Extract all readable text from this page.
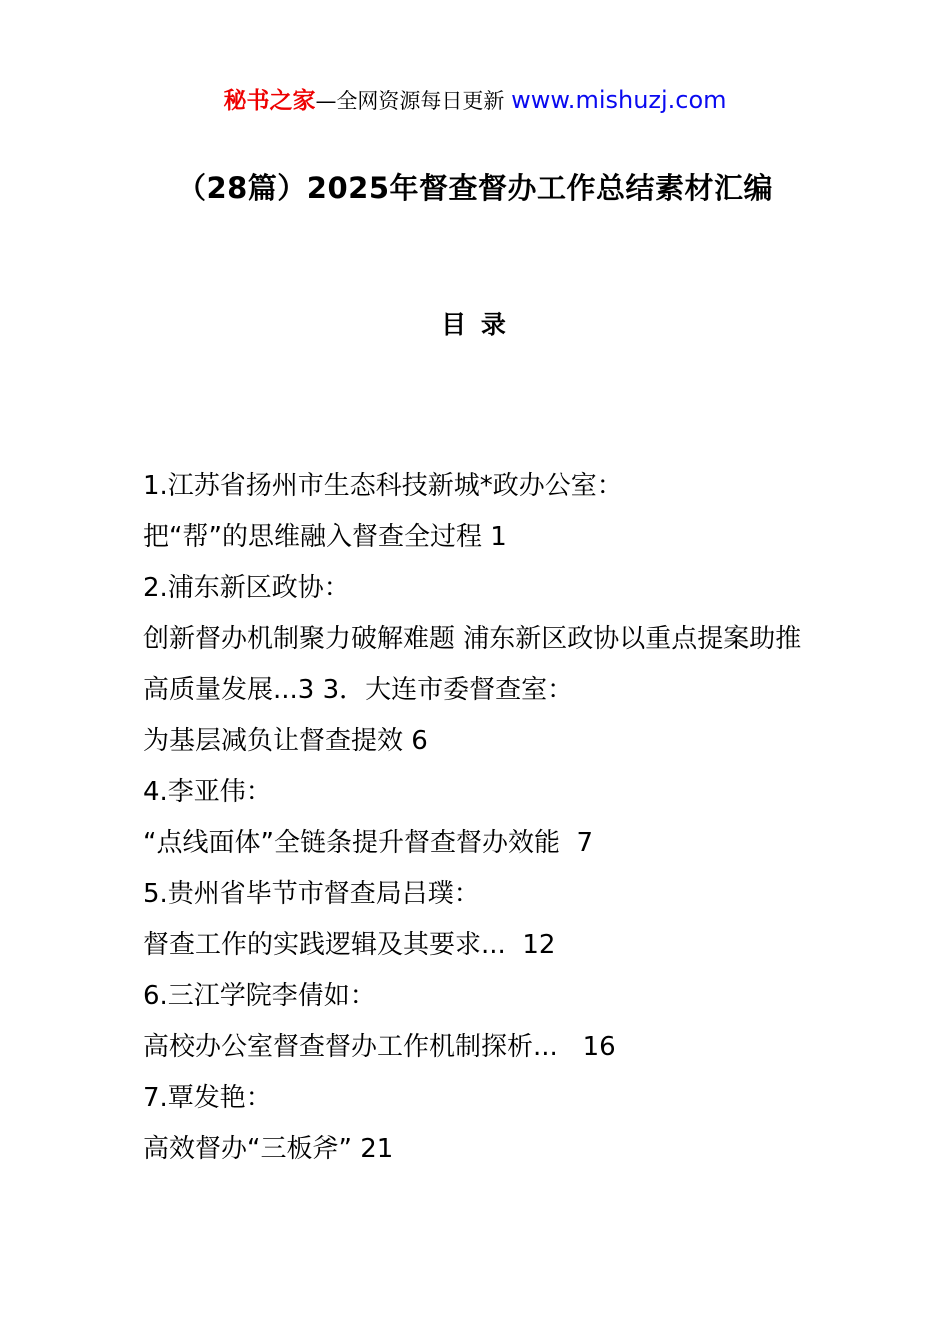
秘书之家—全网资源每日更新 www.mishuzj.com

（28篇）2025年督查督办工作总结素材汇编
目 录

1.江苏省扬州市生态科技新城*政办公室：

把“帮”的思维融入督查全过程 1

2.浦东新区政协：

创新督办机制聚力破解难题 浦东新区政协以重点提案助推

高质量发展...3 3．大连市委督查室：

为基层减负让督查提效 6

4.李亚伟：

“点线面体”全链条提升督查督办效能  7

5.贵州省毕节市督查局吕璞：

督查工作的实践逻辑及其要求...  12

6.三江学院李倩如：

高校办公室督查督办工作机制探析...   16

7.覃发艳：

高效督办“三板斧” 21
